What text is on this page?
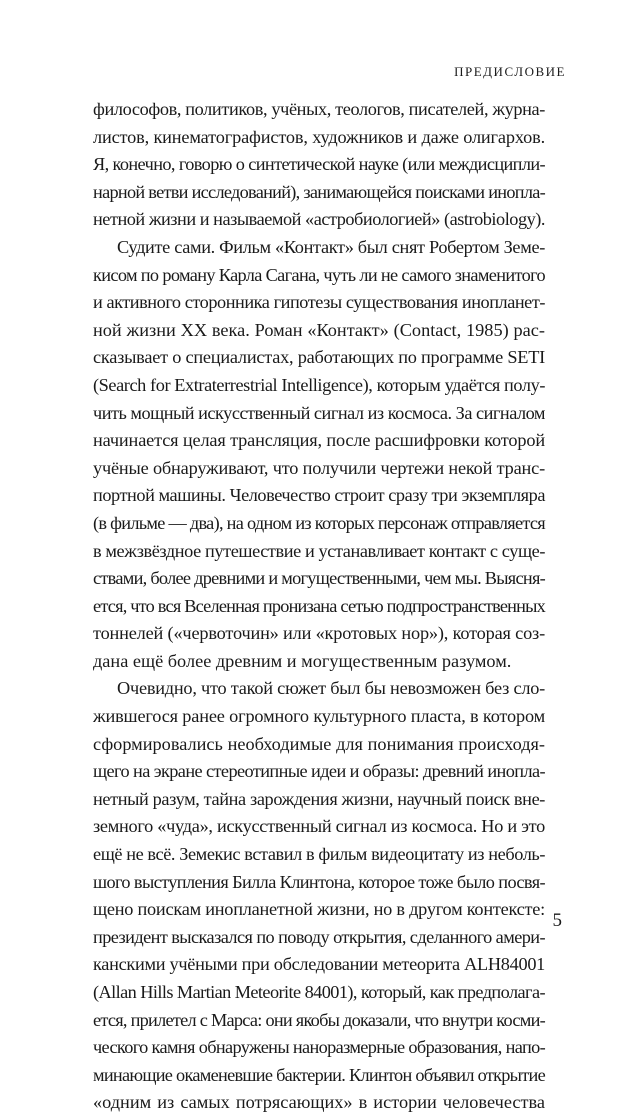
ПРЕДИСЛОВИЕ
философов, политиков, учёных, теологов, писателей, журна-
листов, кинематографистов, художников и даже олигархов.
Я, конечно, говорю о синтетической науке (или междисципли-
нарной ветви исследований), занимающейся поисками инопла-
нетной жизни и называемой «астробиологией» (astrobiology).
Судите сами. Фильм «Контакт» был снят Робертом Земе-
кисом по роману Карла Сагана, чуть ли не самого знаменитого
и активного сторонника гипотезы существования инопланет-
ной жизни XX века. Роман «Контакт» (Contact, 1985) рас-
сказывает о специалистах, работающих по программе SETI
(Search for Extraterrestrial Intelligence), которым удаётся полу-
чить мощный искусственный сигнал из космоса. За сигналом
начинается целая трансляция, после расшифровки которой
учёные обнаруживают, что получили чертежи некой транс-
портной машины. Человечество строит сразу три экземпляра
(в фильме — два), на одном из которых персонаж отправляется
в межзвёздное путешествие и устанавливает контакт с суще-
ствами, более древними и могущественными, чем мы. Выясня-
ется, что вся Вселенная пронизана сетью подпространственных
тоннелей («червоточин» или «кротовых нор»), которая соз-
дана ещё более древним и могущественным разумом.
Очевидно, что такой сюжет был бы невозможен без сло-
жившегося ранее огромного культурного пласта, в котором
сформировались необходимые для понимания происходя-
щего на экране стереотипные идеи и образы: древний инопла-
нетный разум, тайна зарождения жизни, научный поиск вне-
земного «чуда», искусственный сигнал из космоса. Но и это
ещё не всё. Земекис вставил в фильм видеоцитату из неболь-
шого выступления Билла Клинтона, которое тоже было посвя-
щено поискам инопланетной жизни, но в другом контексте:
президент высказался по поводу открытия, сделанного амери-
канскими учёными при обследовании метеорита ALH84001
(Allan Hills Martian Meteorite 84001), который, как предполага-
ется, прилетел с Марса: они якобы доказали, что внутри косми-
ческого камня обнаружены наноразмерные образования, напо-
минающие окаменевшие бактерии. Клинтон объявил открытие
«одним из самых потрясающих» в истории человечества
5
